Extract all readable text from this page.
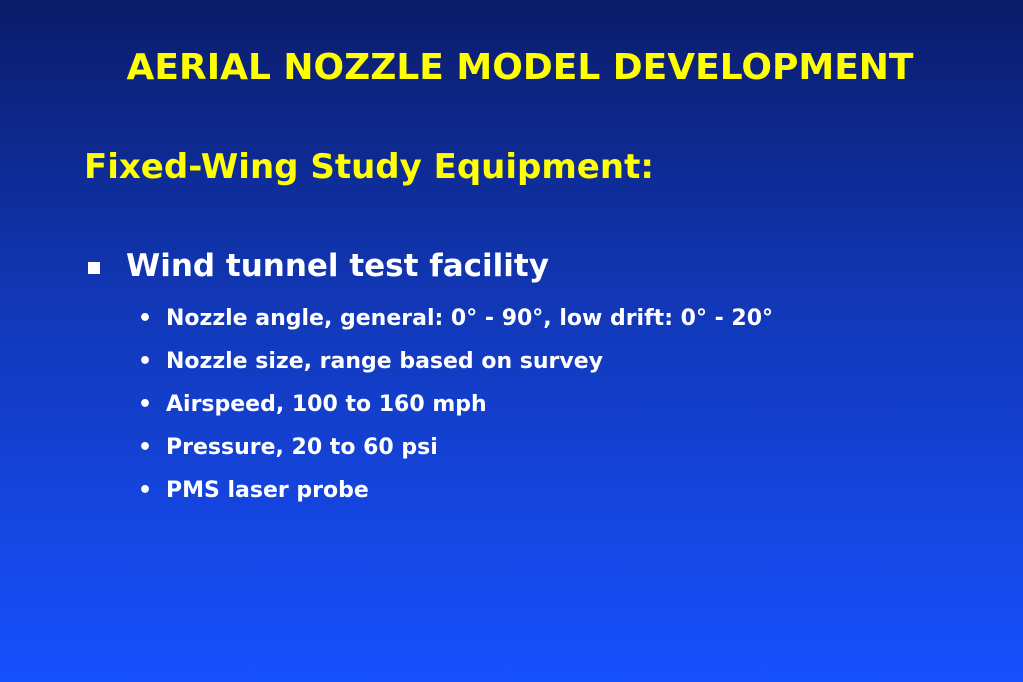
AERIAL NOZZLE MODEL DEVELOPMENT
Fixed-Wing Study Equipment:
Wind tunnel test facility
• Nozzle angle, general: 0° - 90°, low drift: 0° - 20°
• Nozzle size, range based on survey
• Airspeed, 100 to 160 mph
• Pressure, 20 to 60 psi
• PMS laser probe
